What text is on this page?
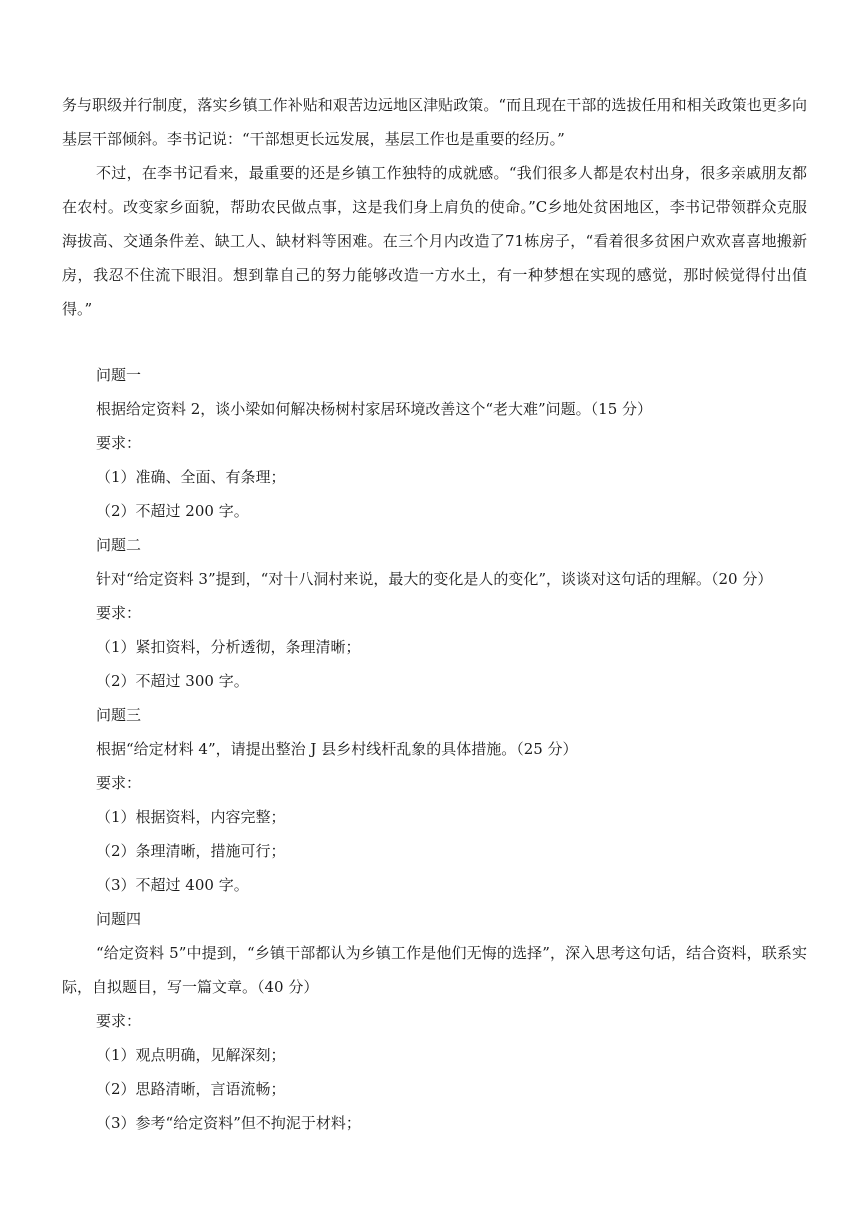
务与职级并行制度，落实乡镇工作补贴和艰苦边远地区津贴政策。“而且现在干部的选拔任用和相关政策也更多向基层干部倾斜。李书记说：“干部想更长远发展，基层工作也是重要的经历。”

不过，在李书记看来，最重要的还是乡镇工作独特的成就感。“我们很多人都是农村出身，很多亲戚朋友都在农村。改变家乡面貌，帮助农民做点事，这是我们身上肩负的使命。”C乡地处贫困地区，李书记带领群众克服海拔高、交通条件差、缺工人、缺材料等困难。在三个月内改造了71栋房子，“看着很多贫困户欢欢喜喜地搬新房，我忍不住流下眼泪。想到靠自己的努力能够改造一方水土，有一种梦想在实现的感觉，那时候觉得付出值得。”

问题一

根据给定资料 2，谈小梁如何解决杨树村家居环境改善这个“老大难”问题。（15 分）

要求：

（1）准确、全面、有条理；

（2）不超过 200 字。

问题二

针对“给定资料 3”提到，“对十八洞村来说，最大的变化是人的变化”，谈谈对这句话的理解。（20 分）

要求：

（1）紧扣资料，分析透彻，条理清晰；

（2）不超过 300 字。

问题三

根据“给定材料 4”，请提出整治 J 县乡村线杆乱象的具体措施。（25 分）

要求：

（1）根据资料，内容完整；

（2）条理清晰，措施可行；

（3）不超过 400 字。

问题四

“给定资料 5”中提到，“乡镇干部都认为乡镇工作是他们无悔的选择”，深入思考这句话，结合资料，联系实际，自拟题目，写一篇文章。（40 分）

要求：

（1）观点明确，见解深刻；

（2）思路清晰，言语流畅；

（3）参考“给定资料”但不拘泥于材料；
